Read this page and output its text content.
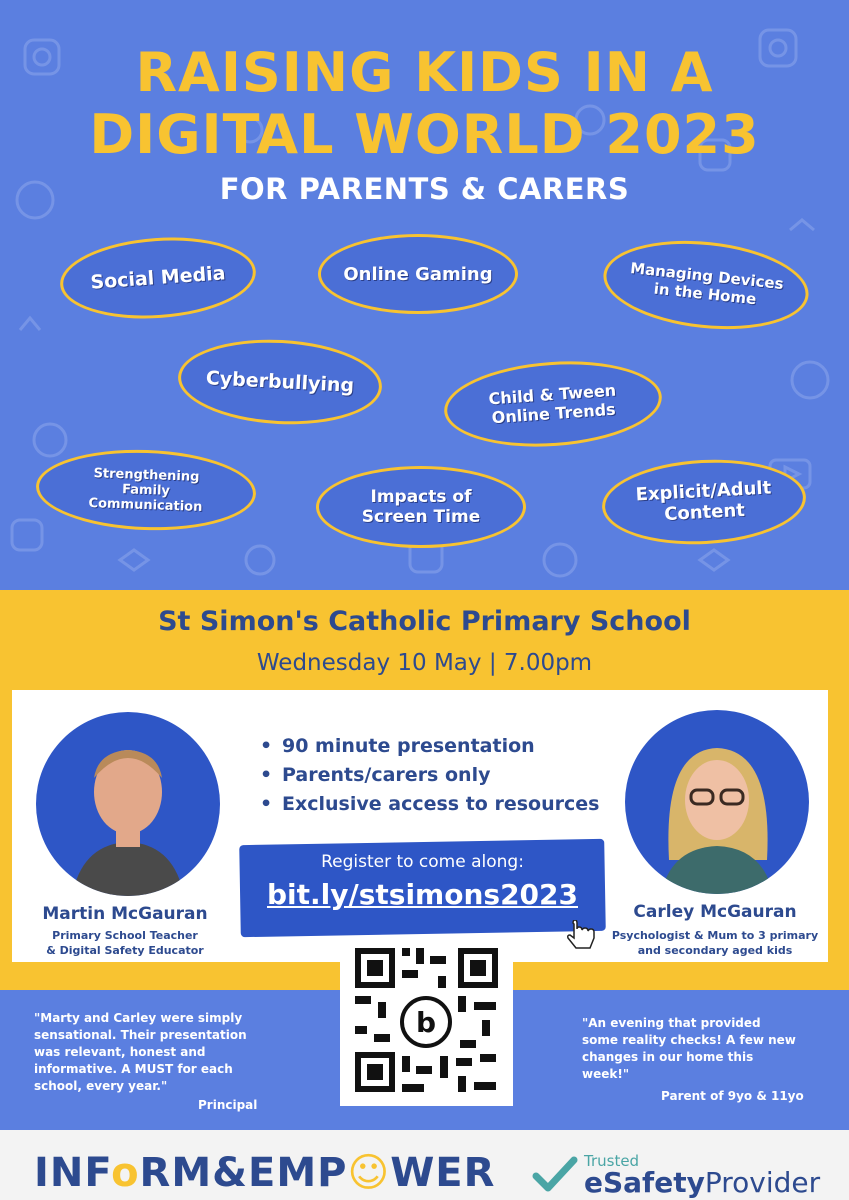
RAISING KIDS IN A
DIGITAL WORLD 2023
FOR PARENTS & CARERS
Social Media	Online Gaming	Managing Devices in the Home
Cyberbullying	Child & Tween Online Trends
Strengthening Family Communication	Impacts of Screen Time
Explicit/Adult Content
St Simon's Catholic Primary School
Wednesday 10 May | 7.00pm
Martin McGauran
Primary School Teacher
& Digital Safety Educator
Carley McGauran
Psychologist & Mum to 3 primary
and secondary aged kids
• 90 minute presentation
• Parents/carers only
• Exclusive access to resources
Register to come along:
bit.ly/stsimons2023
"Marty and Carley were simply
sensational. Their presentation
was relevant, honest and
informative. A MUST for each
school, every year."
Principal
"An evening that provided
some reality checks! A few new
changes in our home this
week!"
Parent of 9yo & 11yo
b
INFoRM&EMP☺WER	Trusted
eSafetyProvider
